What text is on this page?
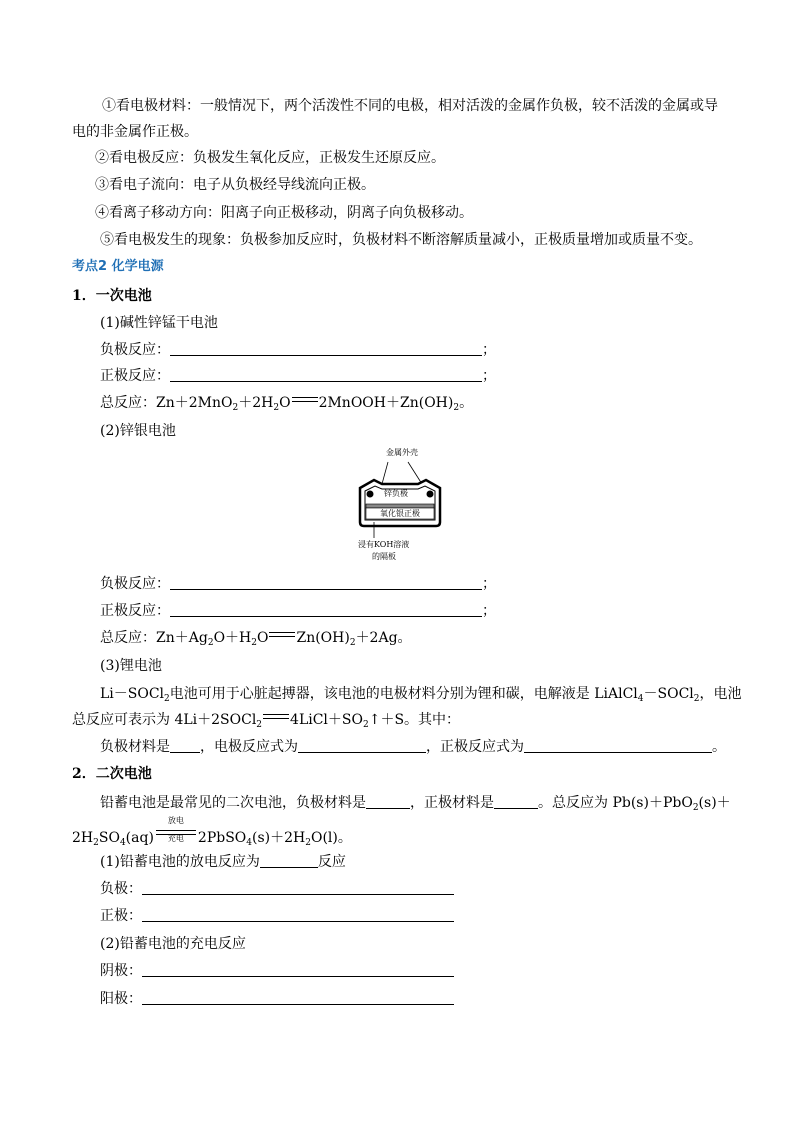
①看电极材料：一般情况下，两个活泼性不同的电极，相对活泼的金属作负极，较不活泼的金属或导
电的非金属作正极。
②看电极反应：负极发生氧化反应，正极发生还原反应。
③看电子流向：电子从负极经导线流向正极。
④看离子移动方向：阳离子向正极移动，阴离子向负极移动。
⑤看电极发生的现象：负极参加反应时，负极材料不断溶解质量减小，正极质量增加或质量不变。
考点2 化学电源
1．一次电池
(1)碱性锌锰干电池
负极反应：	；
正极反应：	；
总反应：$Zn+2MnO_2+2H_2O$ $2MnOOH+Zn(OH)_2$。
(2)锌银电池
金属外壳
锌负极
氧化银正极
浸有KOH溶液
的隔板
负极反应：	；
正极反应：	；
总反应：$Zn+Ag_2O+H_2O$ $Zn(OH)_2+2Ag$。
(3)锂电池
Li－SOCl$_2$电池可用于心脏起搏器，该电池的电极材料分别为锂和碳，电解液是 LiAlCl$_4$－SOCl$_2$，电池
总反应可表示为 4Li＋2SOCl$_2$ $4LiCl+SO_2↑+S$。其中：
负极材料是 ，电极反应式为	，正极反应式为	。
2．二次电池
铅蓄电池是最常见的二次电池，负极材料是	，正极材料是	。总反应为 Pb(s)＋PbO$_2$(s)＋
$2H_2SO_4(aq)$
放电
充电	$2PbSO_4(s)+2H_2O(l)$。
(1)铅蓄电池的放电反应为	反应
负极：
正极：
(2)铅蓄电池的充电反应
阴极：
阳极：
